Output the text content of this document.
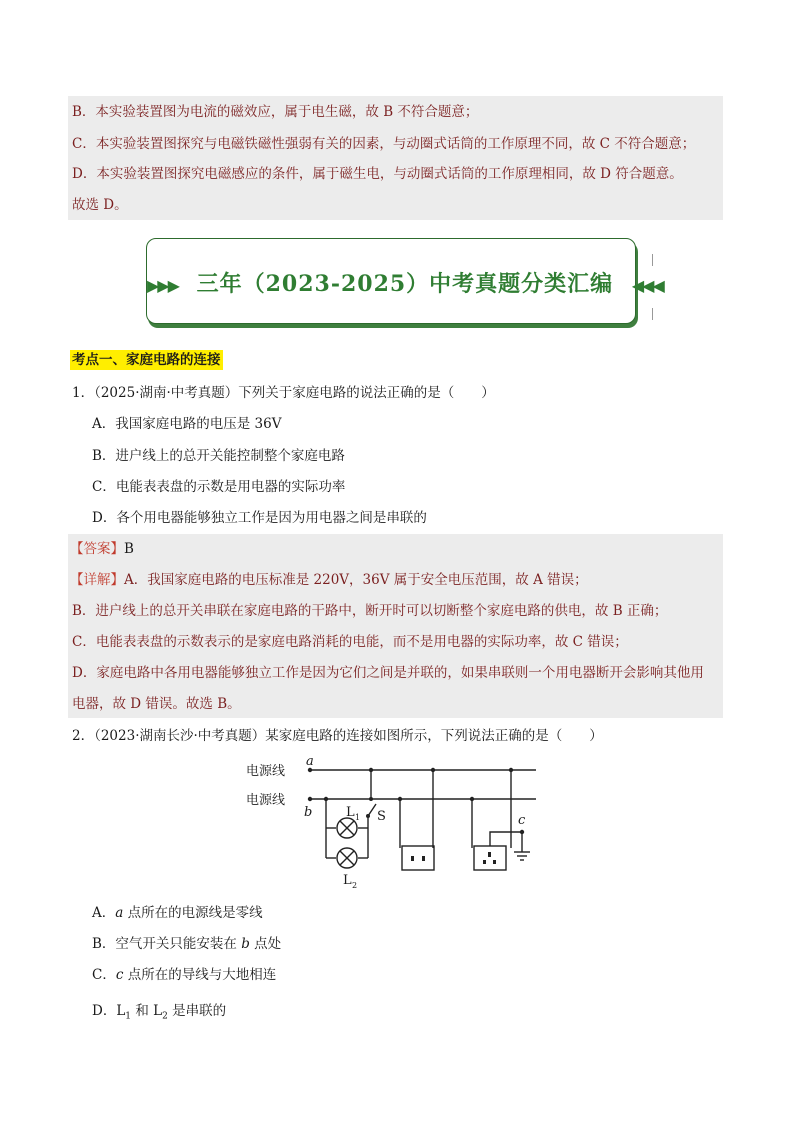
B．本实验装置图为电流的磁效应，属于电生磁，故 B 不符合题意；
C．本实验装置图探究与电磁铁磁性强弱有关的因素，与动圈式话筒的工作原理不同，故 C 不符合题意；
D．本实验装置图探究电磁感应的条件，属于磁生电，与动圈式话筒的工作原理相同，故 D 符合题意。
故选 D。
▶▶▶ 三年（2023-2025）中考真题分类汇编 ◀◀◀
考点一、家庭电路的连接
1．（2025·湖南·中考真题）下列关于家庭电路的说法正确的是（　　）
A．我国家庭电路的电压是 36V
B．进户线上的总开关能控制整个家庭电路
C．电能表表盘的示数是用电器的实际功率
D．各个用电器能够独立工作是因为用电器之间是串联的
【答案】B
【详解】A．我国家庭电路的电压标准是 220V，36V 属于安全电压范围，故 A 错误；
B．进户线上的总开关串联在家庭电路的干路中，断开时可以切断整个家庭电路的供电，故 B 正确；
C．电能表表盘的示数表示的是家庭电路消耗的电能，而不是用电器的实际功率，故 C 错误；
D．家庭电路中各用电器能够独立工作是因为它们之间是并联的，如果串联则一个用电器断开会影响其他用
电器，故 D 错误。故选 B。
2．（2023·湖南长沙·中考真题）某家庭电路的连接如图所示，下列说法正确的是（　　）
电源线
电源线
a
b
c
L 1
L 2
S
A．a 点所在的电源线是零线
B．空气开关只能安装在 b 点处
C．c 点所在的导线与大地相连
D．$L_1$ 和 $L_2$ 是串联的
